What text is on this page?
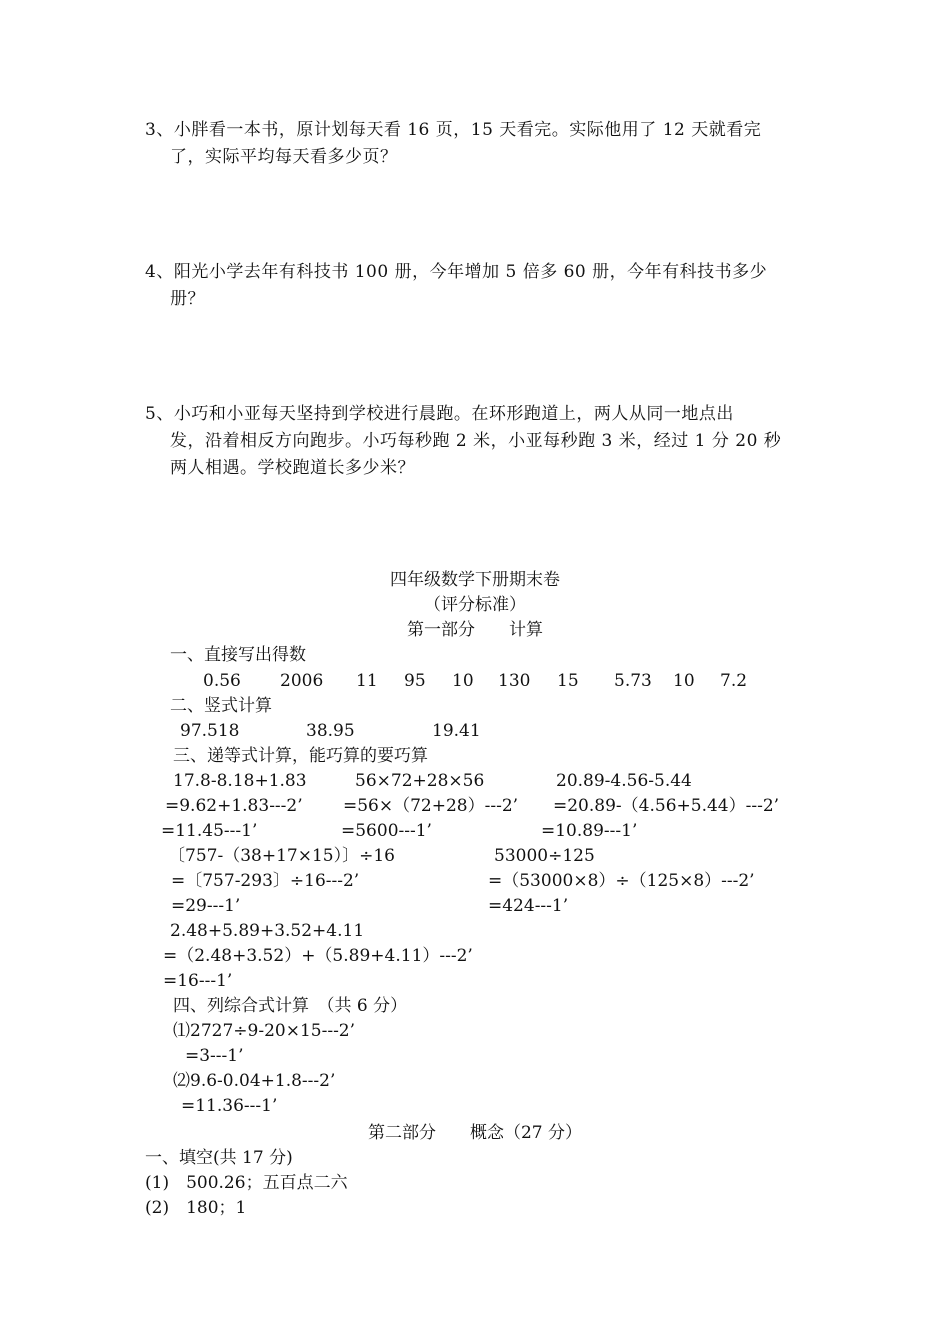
3、小胖看一本书，原计划每天看 16 页，15 天看完。实际他用了 12 天就看完
了，实际平均每天看多少页？
4、阳光小学去年有科技书 100 册，今年增加 5 倍多 60 册，今年有科技书多少
册？
5、小巧和小亚每天坚持到学校进行晨跑。在环形跑道上，两人从同一地点出
发，沿着相反方向跑步。小巧每秒跑 2 米，小亚每秒跑 3 米，经过 1 分 20 秒
两人相遇。学校跑道长多少米？
四年级数学下册期末卷
（评分标准）
第一部分　　计算
一、直接写出得数
0.56 2006 11 95 10 130 15 5.73 10 7.2
二、竖式计算
97.518	38.95	19.41
三、递等式计算，能巧算的要巧算
17.8-8.18+1.83	56×72+28×56	20.89-4.56-5.44
=9.62+1.83---2’ =56×（72+28）---2’ =20.89-（4.56+5.44）---2’
=11.45---1’	=5600---1’	=10.89---1’
〔757-（38+17×15）〕÷16	53000÷125
=〔757-293〕÷16---2’	=（53000×8）÷（125×8）---2’
=29---1’	=424---1’
2.48+5.89+3.52+4.11
=（2.48+3.52）+（5.89+4.11）---2’
=16---1’
四、列综合式计算　（共 6 分）
⑴2727÷9-20×15---2’
=3---1’
⑵9.6-0.04+1.8---2’
=11.36---1’
第二部分　　概念（27 分）
一、填空(共 17 分)
(1)　500.26；五百点二六
(2)　180；1
